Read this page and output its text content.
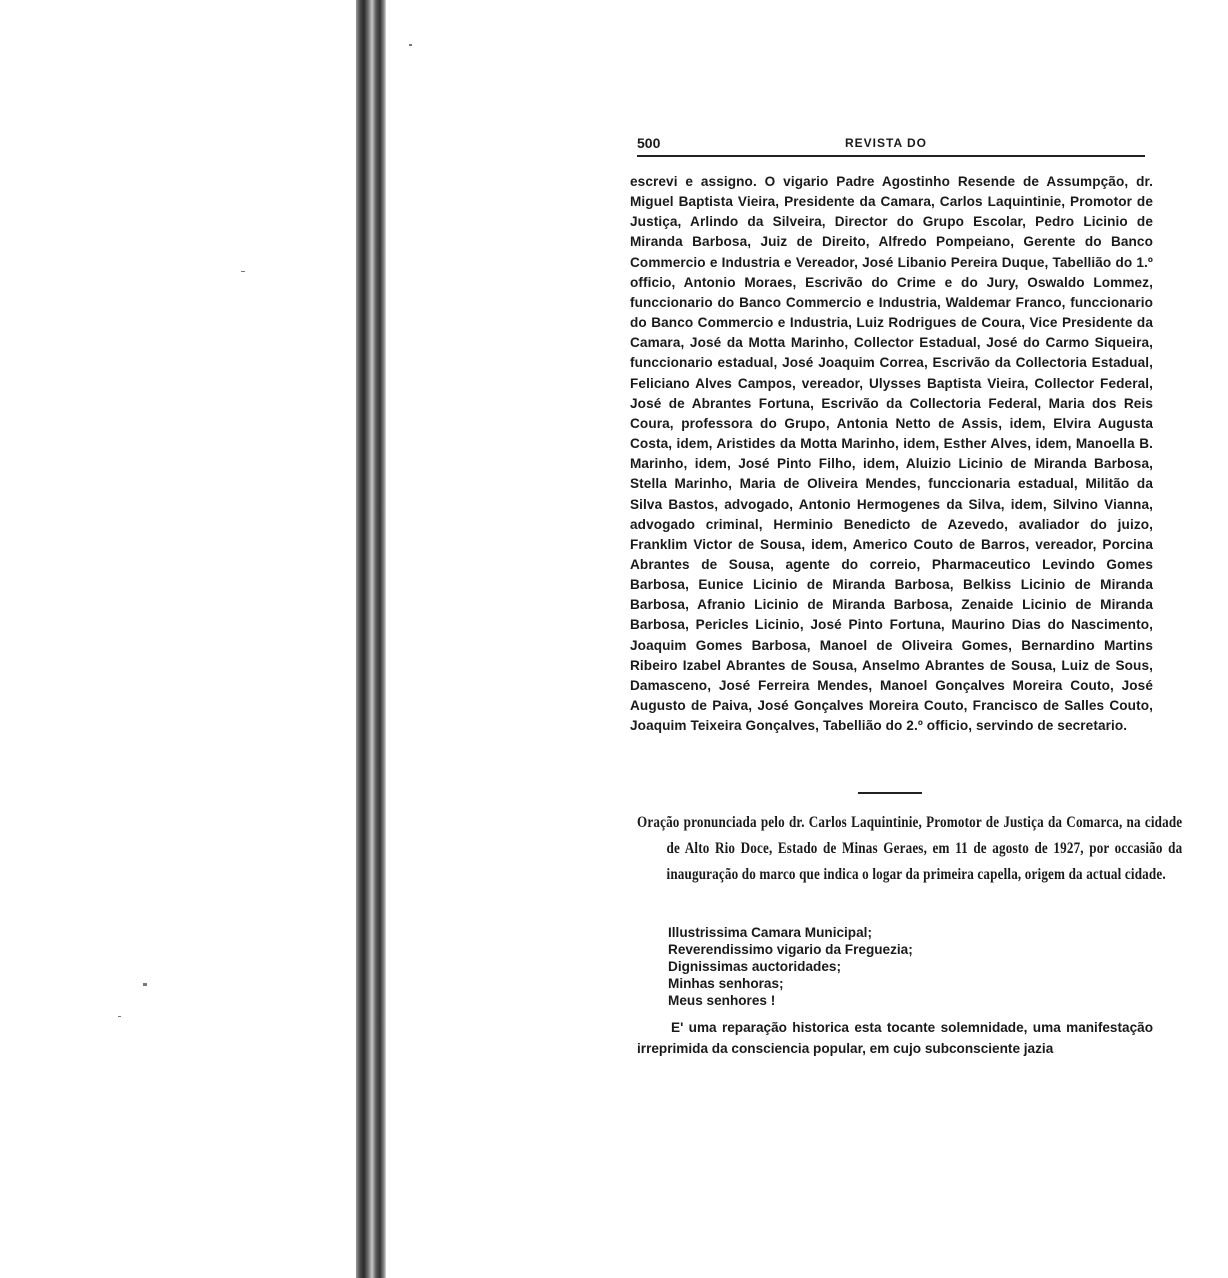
500	REVISTA DO

escrevi e assigno. O vigario Padre Agostinho Resende de Assumpção, dr. Miguel Baptista Vieira, Presidente da Camara, Carlos Laquintinie, Promotor de Justiça, Arlindo da Silveira, Director do Grupo Escolar, Pedro Licinio de Miranda Barbosa, Juiz de Direito, Alfredo Pompeiano, Gerente do Banco Commercio e Industria e Vereador, José Libanio Pereira Duque, Tabellião do 1.º officio, Antonio Moraes, Escrivão do Crime e do Jury, Oswaldo Lommez, funccionario do Banco Commercio e Industria, Waldemar Franco, funccionario do Banco Commercio e Industria, Luiz Rodrigues de Coura, Vice Presidente da Camara, José da Motta Marinho, Collector Estadual, José do Carmo Siqueira, funccionario estadual, José Joaquim Correa, Escrivão da Collectoria Estadual, Feliciano Alves Campos, vereador, Ulysses Baptista Vieira, Collector Federal, José de Abrantes Fortuna, Escrivão da Collectoria Federal, Maria dos Reis Coura, professora do Grupo, Antonia Netto de Assis, idem, Elvira Augusta Costa, idem, Aristides da Motta Marinho, idem, Esther Alves, idem, Manoella B. Marinho, idem, José Pinto Filho, idem, Aluizio Licinio de Miranda Barbosa, Stella Marinho, Maria de Oliveira Mendes, funccionaria estadual, Militão da Silva Bastos, advogado, Antonio Hermogenes da Silva, idem, Silvino Vianna, advogado criminal, Herminio Benedicto de Azevedo, avaliador do juizo, Franklim Victor de Sousa, idem, Americo Couto de Barros, vereador, Porcina Abrantes de Sousa, agente do correio, Pharmaceutico Levindo Gomes Barbosa, Eunice Licinio de Miranda Barbosa, Belkiss Licinio de Miranda Barbosa, Afranio Licinio de Miranda Barbosa, Zenaide Licinio de Miranda Barbosa, Pericles Licinio, José Pinto Fortuna, Maurino Dias do Nascimento, Joaquim Gomes Barbosa, Manoel de Oliveira Gomes, Bernardino Martins Ribeiro Izabel Abrantes de Sousa, Anselmo Abrantes de Sousa, Luiz de Sous, Damasceno, José Ferreira Mendes, Manoel Gonçalves Moreira Couto, José Augusto de Paiva, José Gonçalves Moreira Couto, Francisco de Salles Couto, Joaquim Teixeira Gonçalves, Tabellião do 2.º officio, servindo de secretario.

Oração pronunciada pelo dr. Carlos Laquintinie, Promotor de Justiça da Comarca, na cidade de Alto Rio Doce, Estado de Minas Geraes, em 11 de agosto de 1927, por occasião da inauguração do marco que indica o logar da primeira capella, origem da actual cidade.

Illustrissima Camara Municipal;
Reverendissimo vigario da Freguezia;
Dignissimas auctoridades;
Minhas senhoras;
Meus senhores !

E' uma reparação historica esta tocante solemnidade, uma manifestação irreprimida da consciencia popular, em cujo subconsciente jazia
